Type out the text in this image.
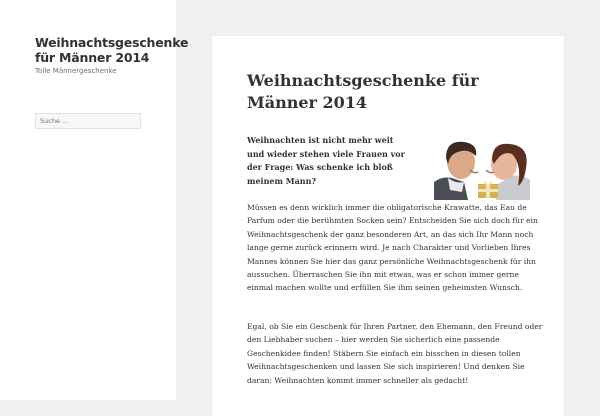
Weihnachtsgeschenke für Männer 2014

Tolle Männergeschenke

Suche …	Weihnachtsgeschenke für Männer 2014

Weihnachten ist nicht mehr weit und wieder stehen viele Frauen vor der Frage: Was schenke ich bloß meinem Mann?

Müssen es denn wirklich immer die obligatorische Krawatte, das Eau de Parfum oder die berühmten Socken sein? Entscheiden Sie sich doch für ein Weihnachtsgeschenk der ganz besonderen Art, an das sich Ihr Mann noch lange gerne zurück erinnern wird. Je nach Charakter und Vorlieben Ihres Mannes können Sie hier das ganz persönliche Weihnachtsgeschenk für ihn aussuchen. Überraschen Sie ihn mit etwas, was er schon immer gerne einmal machen wollte und erfüllen Sie ihm seinen geheimsten Wunsch.

Egal, ob Sie ein Geschenk für Ihren Partner, den Ehemann, den Freund oder den Liebhaber suchen – hier werden Sie sicherlich eine passende Geschenkidee finden! Stäbern Sie einfach ein bisschen in diesen tollen Weihnachtsgeschenken und lassen Sie sich inspirieren! Und denken Sie daran: Weihnachten kommt immer schneller als gedacht!
